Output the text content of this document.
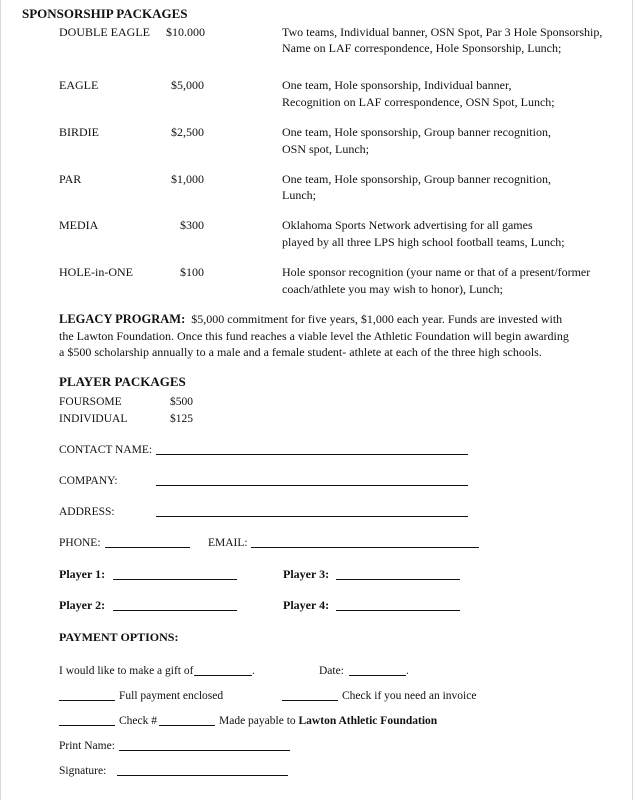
SPONSORSHIP PACKAGES
DOUBLE EAGLE $10.000	Two teams, Individual banner, OSN Spot, Par 3 Hole Sponsorship,
Name on LAF correspondence, Hole Sponsorship, Lunch;
EAGLE	$5,000	One team, Hole sponsorship, Individual banner,
Recognition on LAF correspondence, OSN Spot, Lunch;
BIRDIE	$2,500	One team, Hole sponsorship, Group banner recognition,
OSN spot, Lunch;
PAR	$1,000	One team, Hole sponsorship, Group banner recognition,
Lunch;
MEDIA	$300	Oklahoma Sports Network advertising for all games
played by all three LPS high school football teams, Lunch;
HOLE-in-ONE	$100	Hole sponsor recognition (your name or that of a present/former
coach/athlete you may wish to honor), Lunch;
LEGACY PROGRAM: $5,000 commitment for five years, $1,000 each year. Funds are invested with
the Lawton Foundation. Once this fund reaches a viable level the Athletic Foundation will begin awarding
a $500 scholarship annually to a male and a female student- athlete at each of the three high schools.
PLAYER PACKAGES
FOURSOME	$500
INDIVIDUAL	$125
CONTACT NAME:
COMPANY:
ADDRESS:
PHONE:	EMAIL:
Player 1:	Player 3:
Player 2:	Player 4:
PAYMENT OPTIONS:
I would like to make a gift of	.	Date:	.
Full payment enclosed	Check if you need an invoice
Check #	Made payable to Lawton Athletic Foundation
Print Name:
Signature:
